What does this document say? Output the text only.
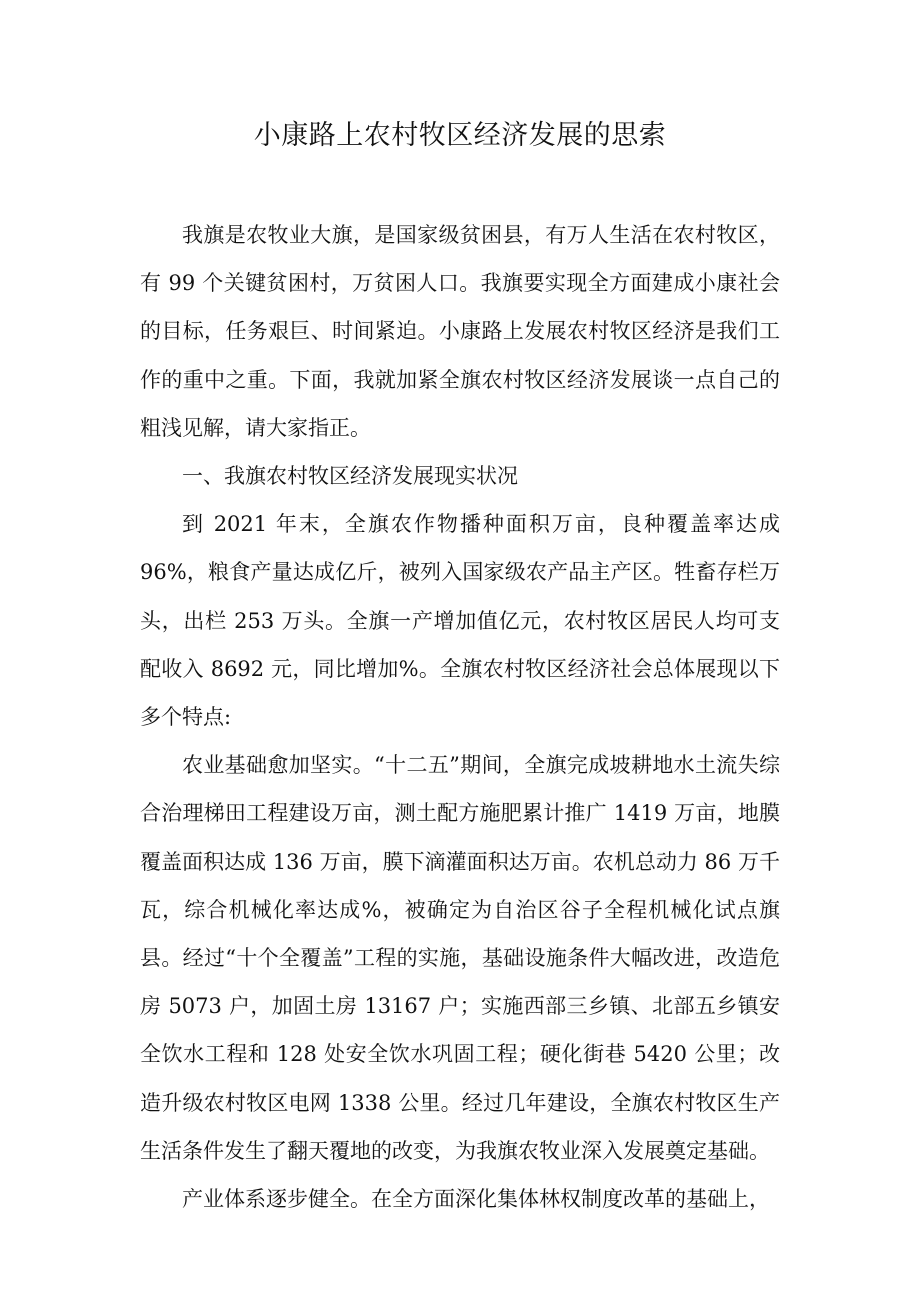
小康路上农村牧区经济发展的思索

我旗是农牧业大旗，是国家级贫困县，有万人生活在农村牧区，有 99 个关键贫困村，万贫困人口。我旗要实现全方面建成小康社会的目标，任务艰巨、时间紧迫。小康路上发展农村牧区经济是我们工作的重中之重。下面，我就加紧全旗农村牧区经济发展谈一点自己的粗浅见解，请大家指正。

一、我旗农村牧区经济发展现实状况

到 2021 年末，全旗农作物播种面积万亩，良种覆盖率达成 96%，粮食产量达成亿斤，被列入国家级农产品主产区。牲畜存栏万头，出栏 253 万头。全旗一产增加值亿元，农村牧区居民人均可支配收入 8692 元，同比增加%。全旗农村牧区经济社会总体展现以下多个特点:

农业基础愈加坚实。“十二五”期间，全旗完成坡耕地水土流失综合治理梯田工程建设万亩，测土配方施肥累计推广 1419 万亩，地膜覆盖面积达成 136 万亩，膜下滴灌面积达万亩。农机总动力 86 万千瓦，综合机械化率达成%，被确定为自治区谷子全程机械化试点旗县。经过“十个全覆盖”工程的实施，基础设施条件大幅改进，改造危房 5073 户，加固土房 13167 户；实施西部三乡镇、北部五乡镇安全饮水工程和 128 处安全饮水巩固工程；硬化街巷 5420 公里；改造升级农村牧区电网 1338 公里。经过几年建设，全旗农村牧区生产生活条件发生了翻天覆地的改变，为我旗农牧业深入发展奠定基础。

产业体系逐步健全。在全方面深化集体林权制度改革的基础上，
